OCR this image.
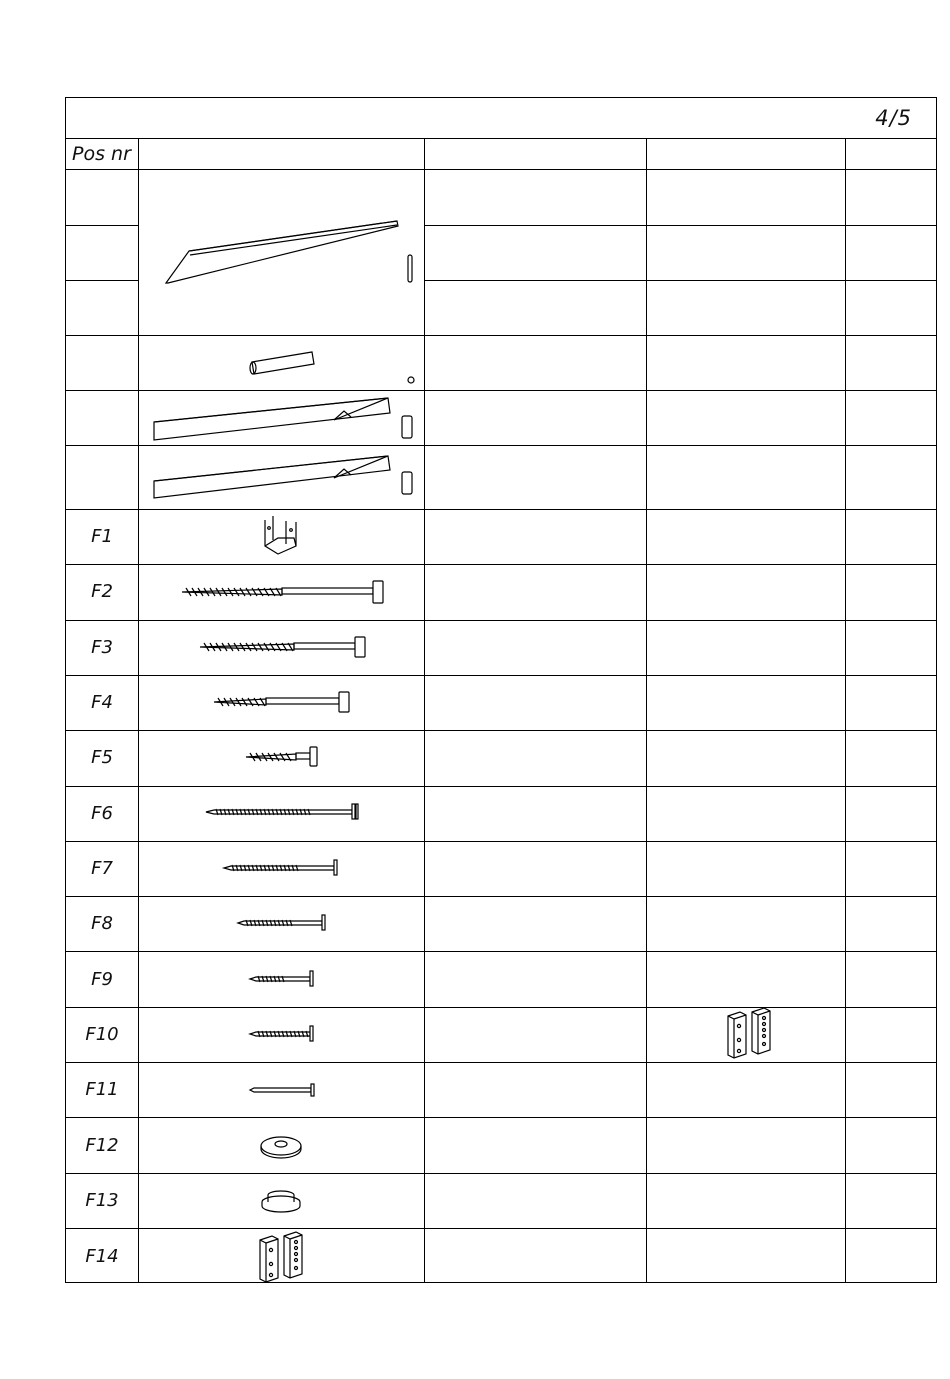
4/5
Pos nr
F1
F2
F3
F4
F5
F6
F7
F8
F9
F10
F11
F12
F13
F14
